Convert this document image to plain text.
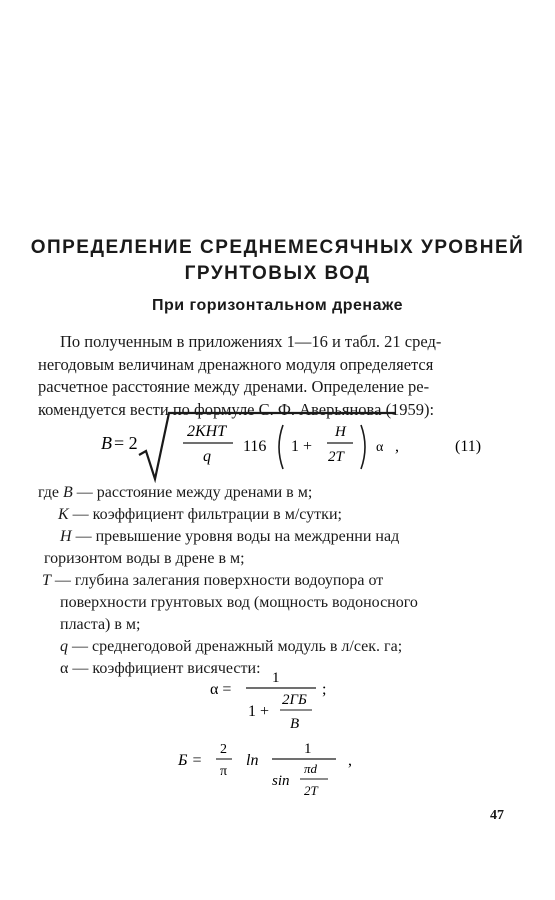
ОПРЕДЕЛЕНИЕ СРЕДНЕМЕСЯЧНЫХ УРОВНЕЙ
ГРУНТОВЫХ ВОД
При горизонтальном дренаже
По полученным в приложениях 1—16 и табл. 21 сред-
негодовым величинам дренажного модуля определяется
расчетное расстояние между дренами. Определение ре-
комендуется вести по формуле С. Ф. Аверьянова (1959):
B = 2
2KHT
q
116 1 +
H
2T
α ,	(11)
где B — расстояние между дренами в м;
K — коэффициент фильтрации в м/сутки;
H — превышение уровня воды на междренни над
горизонтом воды в дрене в м;
T — глубина залегания поверхности водоупора от
поверхности грунтовых вод (мощность водоносного
пласта) в м;
q — среднегодовой дренажный модуль в л/сек. га;
α — коэффициент висячести:
α =
1
1 +
2ГБ
B
;
Б =
2
π
ln
1
sin
πd
2T
,
47
